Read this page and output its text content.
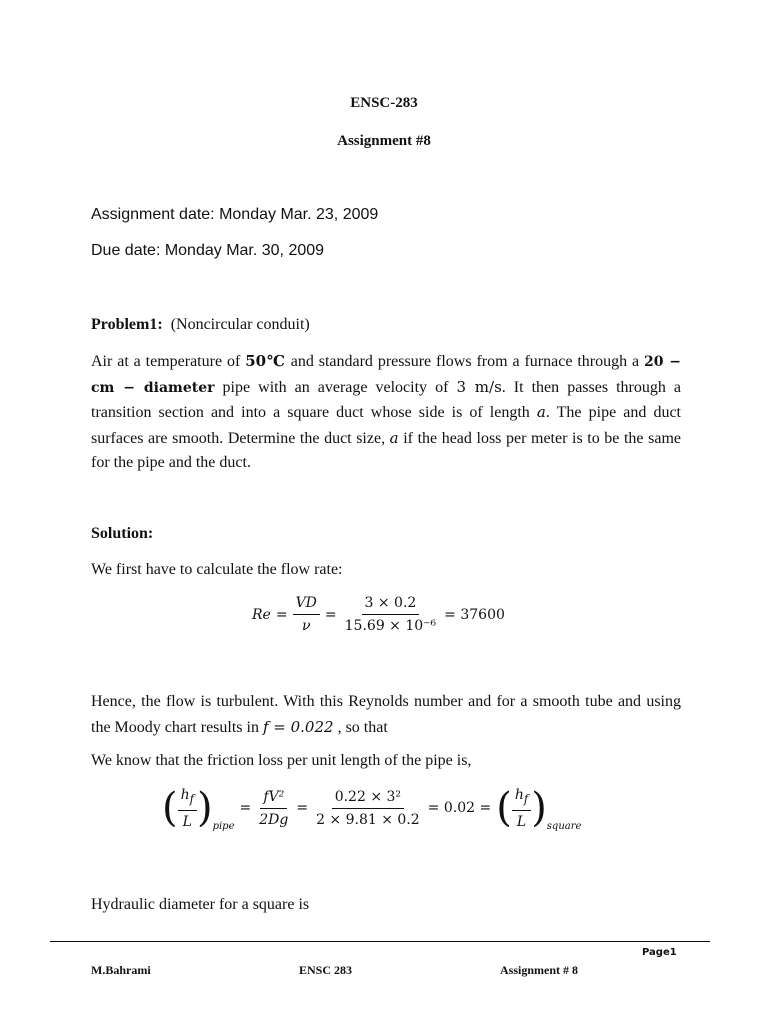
ENSC-283
Assignment #8
Assignment date: Monday Mar. 23, 2009
Due date: Monday Mar. 30, 2009
Problem1: (Noncircular conduit)
Air at a temperature of 50℃ and standard pressure flows from a furnace through a 20 − cm − diameter pipe with an average velocity of 3 m/s. It then passes through a transition section and into a square duct whose side is of length a. The pipe and duct surfaces are smooth. Determine the duct size, a if the head loss per meter is to be the same for the pipe and the duct.
Solution:
We first have to calculate the flow rate:
$Re = \frac{VD}{\nu} = \frac{3 \times 0.2}{\text{15.69 × 10⁻⁶}} = 37600$
Hence, the flow is turbulent. With this Reynolds number and for a smooth tube and using the Moody chart results in f = 0.022 , so that
We know that the friction loss per unit length of the pipe is,
( $\frac{h_f}{L}$ ) pipe
= $\frac{\text{fV²}}{2Dg} = \frac{\text{0.22 × 3²}}{2 \times 9.81 \times 0.2} = 0.02$ = ( $\frac{h_f}{L}$ ) square
Hydraulic diameter for a square is
Page1
M.Bahrami	ENSC 283	Assignment # 8
